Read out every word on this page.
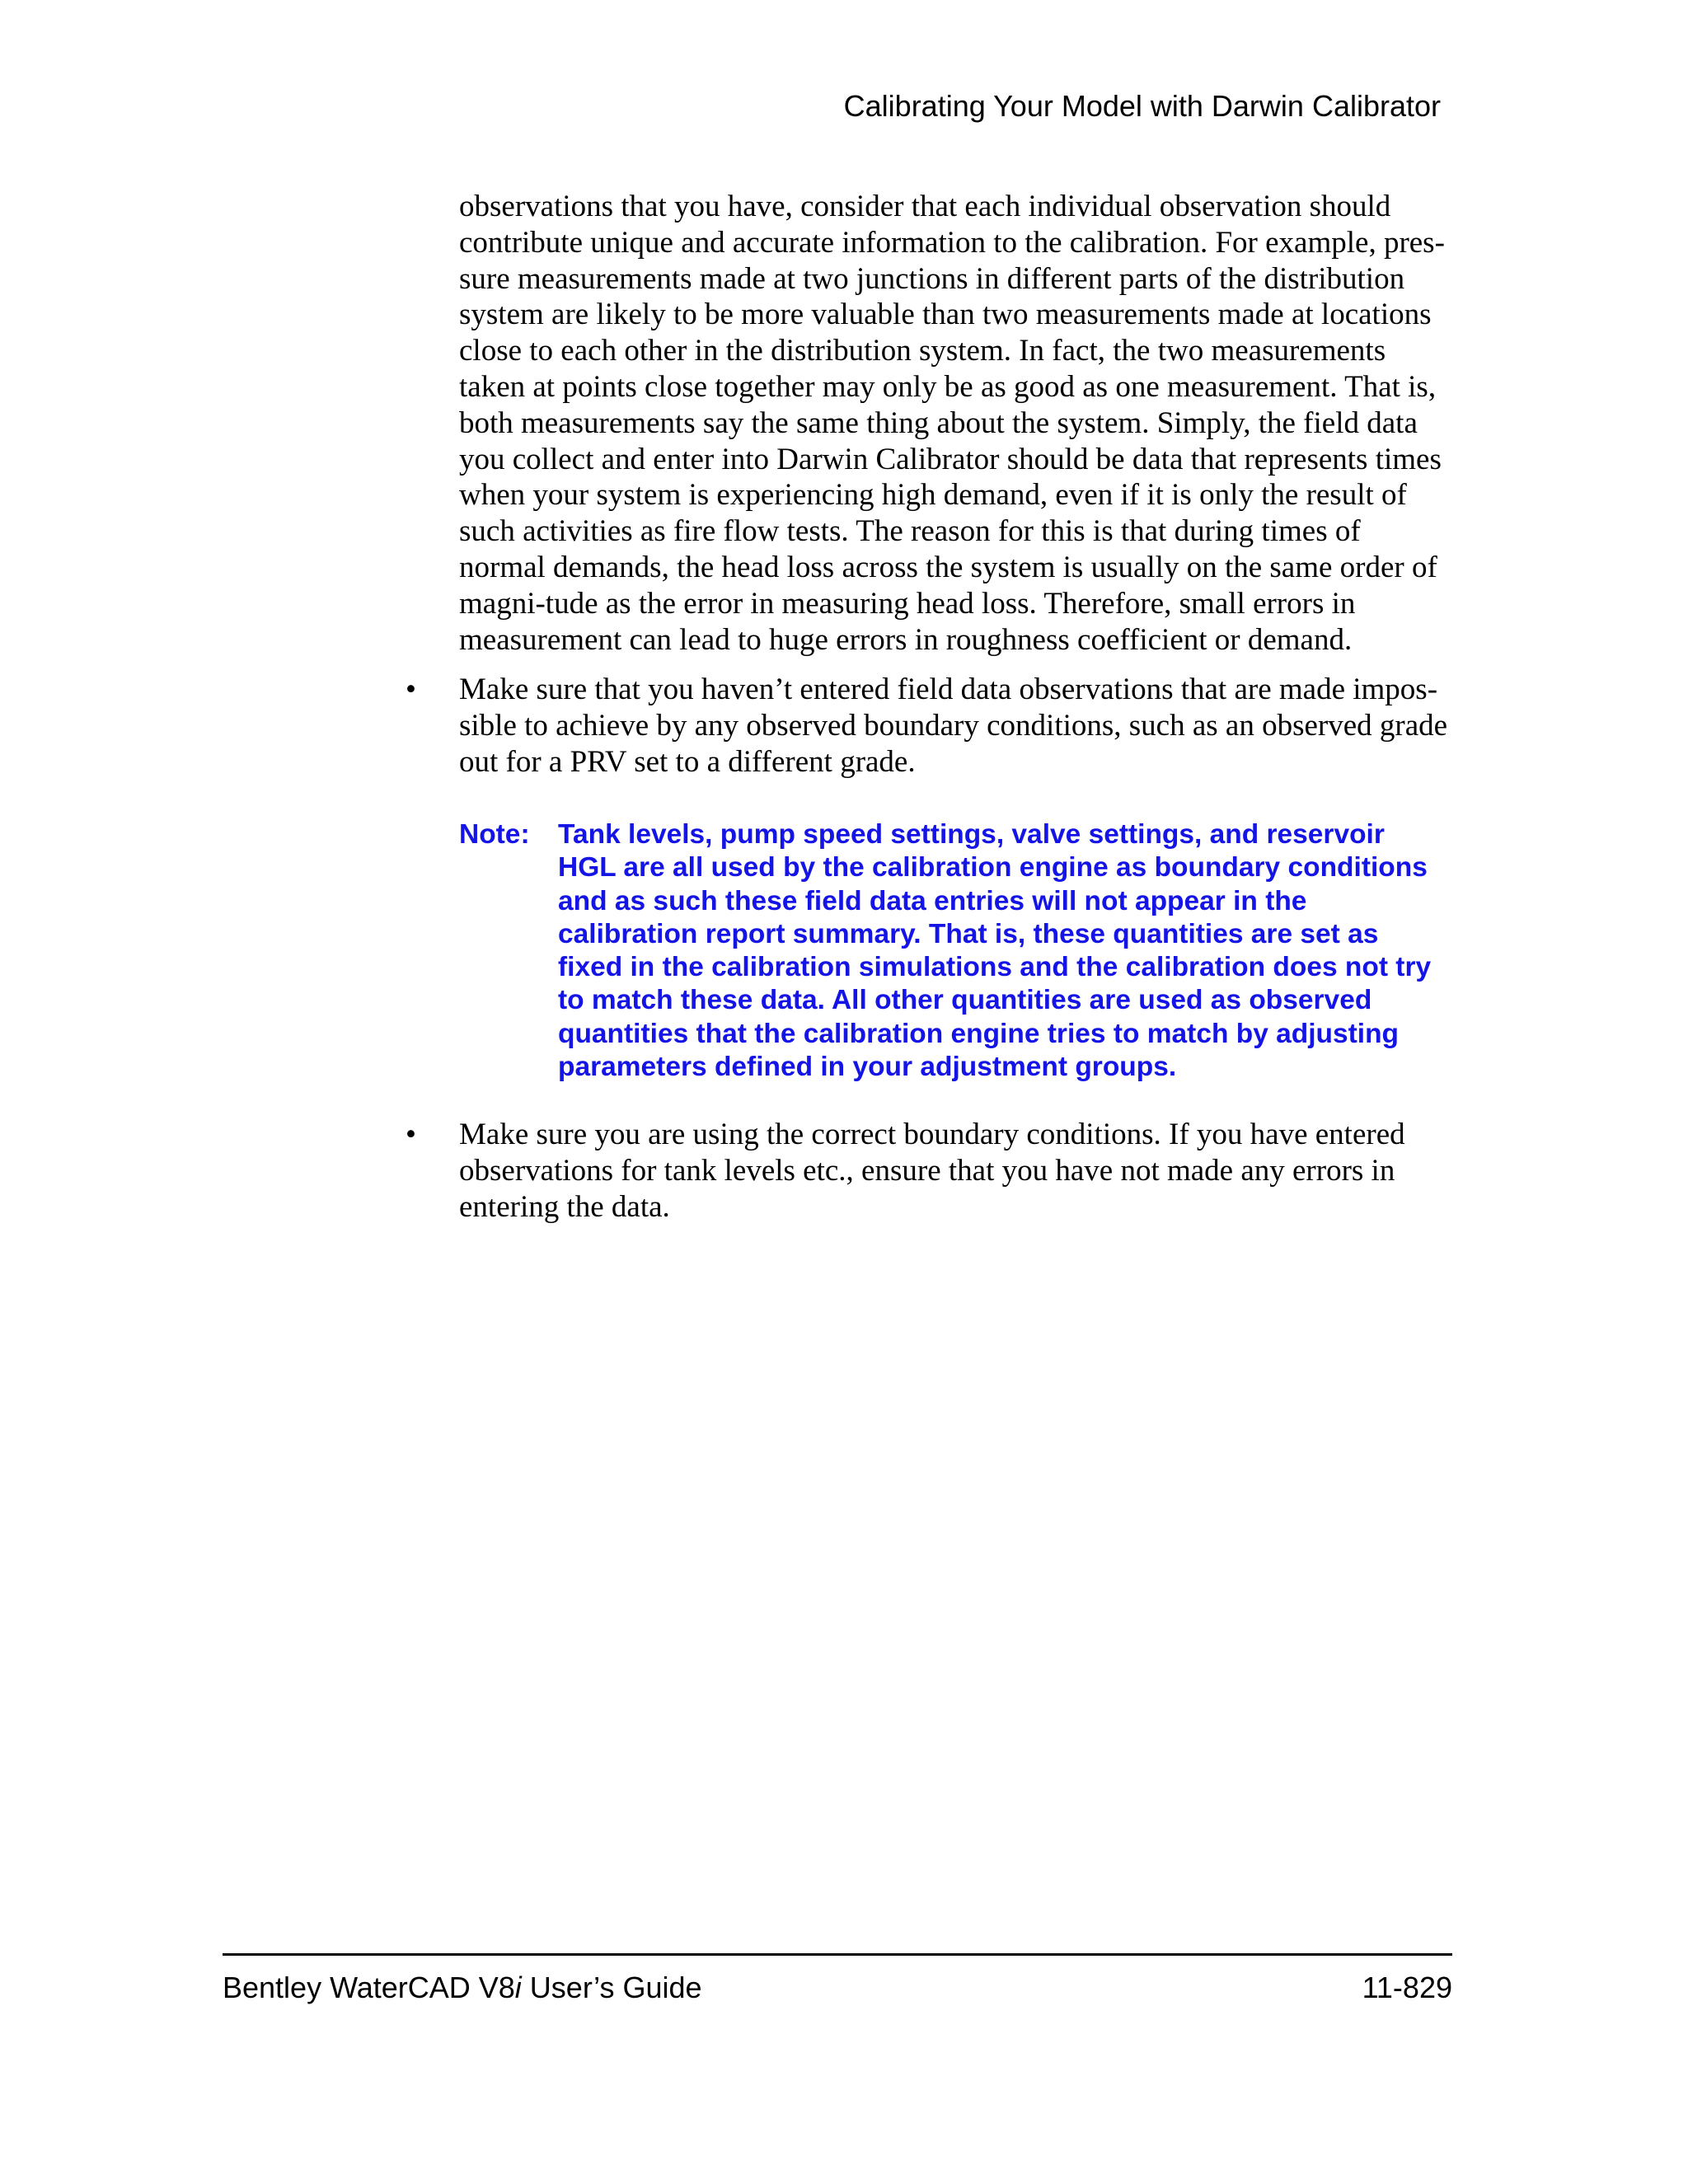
Calibrating Your Model with Darwin Calibrator
observations that you have, consider that each individual observation should contribute unique and accurate information to the calibration. For example, pres-sure measurements made at two junctions in different parts of the distribution system are likely to be more valuable than two measurements made at locations close to each other in the distribution system. In fact, the two measurements taken at points close together may only be as good as one measurement. That is, both measurements say the same thing about the system. Simply, the field data you collect and enter into Darwin Calibrator should be data that represents times when your system is experiencing high demand, even if it is only the result of such activities as fire flow tests. The reason for this is that during times of normal demands, the head loss across the system is usually on the same order of magni-tude as the error in measuring head loss. Therefore, small errors in measurement can lead to huge errors in roughness coefficient or demand.
•	Make sure that you haven’t entered field data observations that are made impos-sible to achieve by any observed boundary conditions, such as an observed grade out for a PRV set to a different grade.
Note:	Tank levels, pump speed settings, valve settings, and reservoir HGL are all used by the calibration engine as boundary conditions and as such these field data entries will not appear in the calibration report summary. That is, these quantities are set as fixed in the calibration simulations and the calibration does not try to match these data. All other quantities are used as observed quantities that the calibration engine tries to match by adjusting parameters defined in your adjustment groups.
•	Make sure you are using the correct boundary conditions. If you have entered observations for tank levels etc., ensure that you have not made any errors in entering the data.
Bentley WaterCAD V8i User’s Guide	11-829
